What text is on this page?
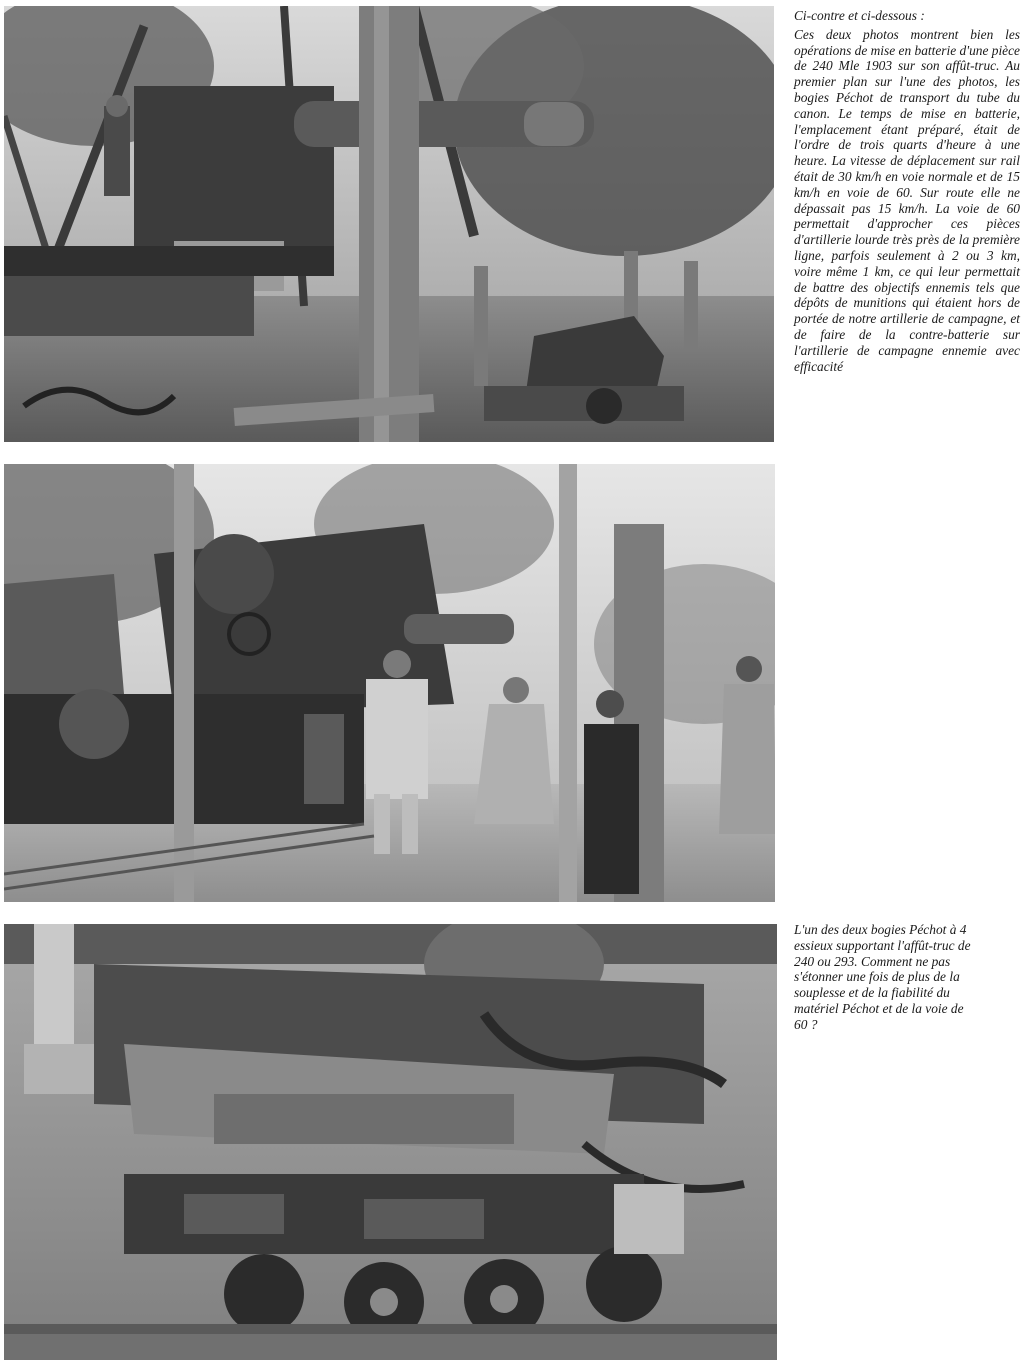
Ci-contre et ci-dessous :
Ces deux photos montrent bien les opérations de mise en batterie d'une pièce de 240 Mle 1903 sur son affût-truc. Au premier plan sur l'une des photos, les bogies Péchot de transport du tube du canon. Le temps de mise en batterie, l'emplacement étant préparé, était de l'ordre de trois quarts d'heure à une heure. La vitesse de déplacement sur rail était de 30 km/h en voie normale et de 15 km/h en voie de 60. Sur route elle ne dépassait pas 15 km/h. La voie de 60 permettait d'approcher ces pièces d'artillerie lourde très près de la première ligne, parfois seulement à 2 ou 3 km, voire même 1 km, ce qui leur permettait de battre des objectifs ennemis tels que dépôts de munitions qui étaient hors de portée de notre artillerie de campagne, et de faire de la contre-batterie sur l'artillerie de campagne ennemie avec efficacité
L'un des deux bogies Péchot à 4 essieux supportant l'affût-truc de 240 ou 293. Comment ne pas s'étonner une fois de plus de la souplesse et de la fiabilité du matériel Péchot et de la voie de 60 ?
